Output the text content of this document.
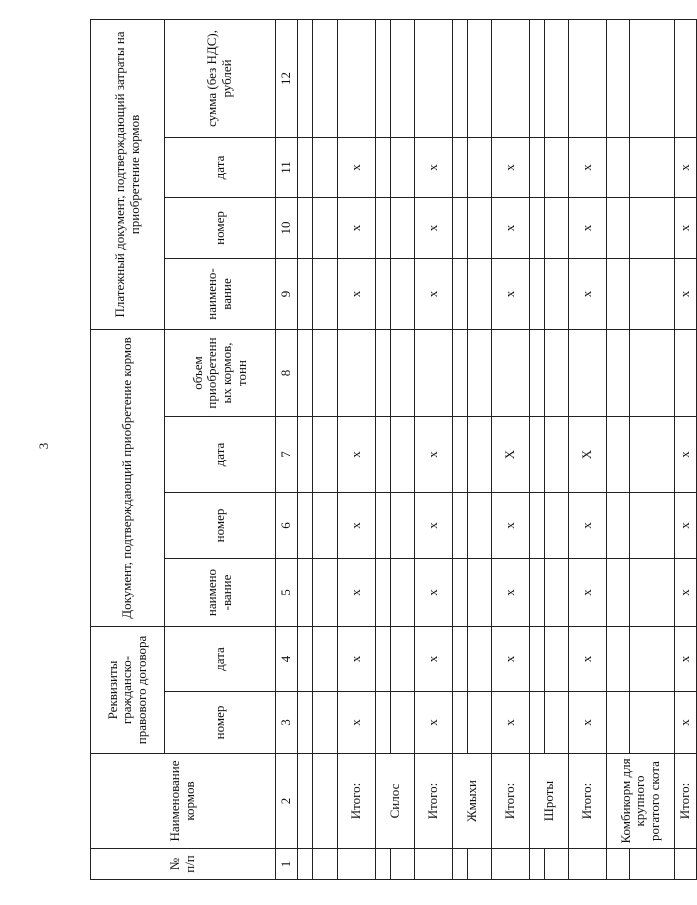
3
№ п/п	Наименование кормов	Реквизиты гражданско-правового договора		Документ, подтверждающий приобретение кормов				Платежный документ, подтверждающий затраты на приобретение кормов			
		номер	дата	наимено -вание	номер	дата	объем приобретенн ых кормов, тонн	наимено-вание	номер	дата	сумма (без НДС), рублей
1	2	3	4	5	6	7	8	9	10	11	12

	Итого:	х	х	х	х	х		х	х	х	
	Силос										

	Итого:	х	х	х	х	х		х	х	х	
	Жмыхи										

	Итого:	х	х	х	х	Х		х	х	х	
	Шроты										

	Итого:	х	х	х	х	Х		х	х	х	
	Комбикорм для крупного рогатого скота										

	Итого:	х	х	х	х	х		х	х	х	
